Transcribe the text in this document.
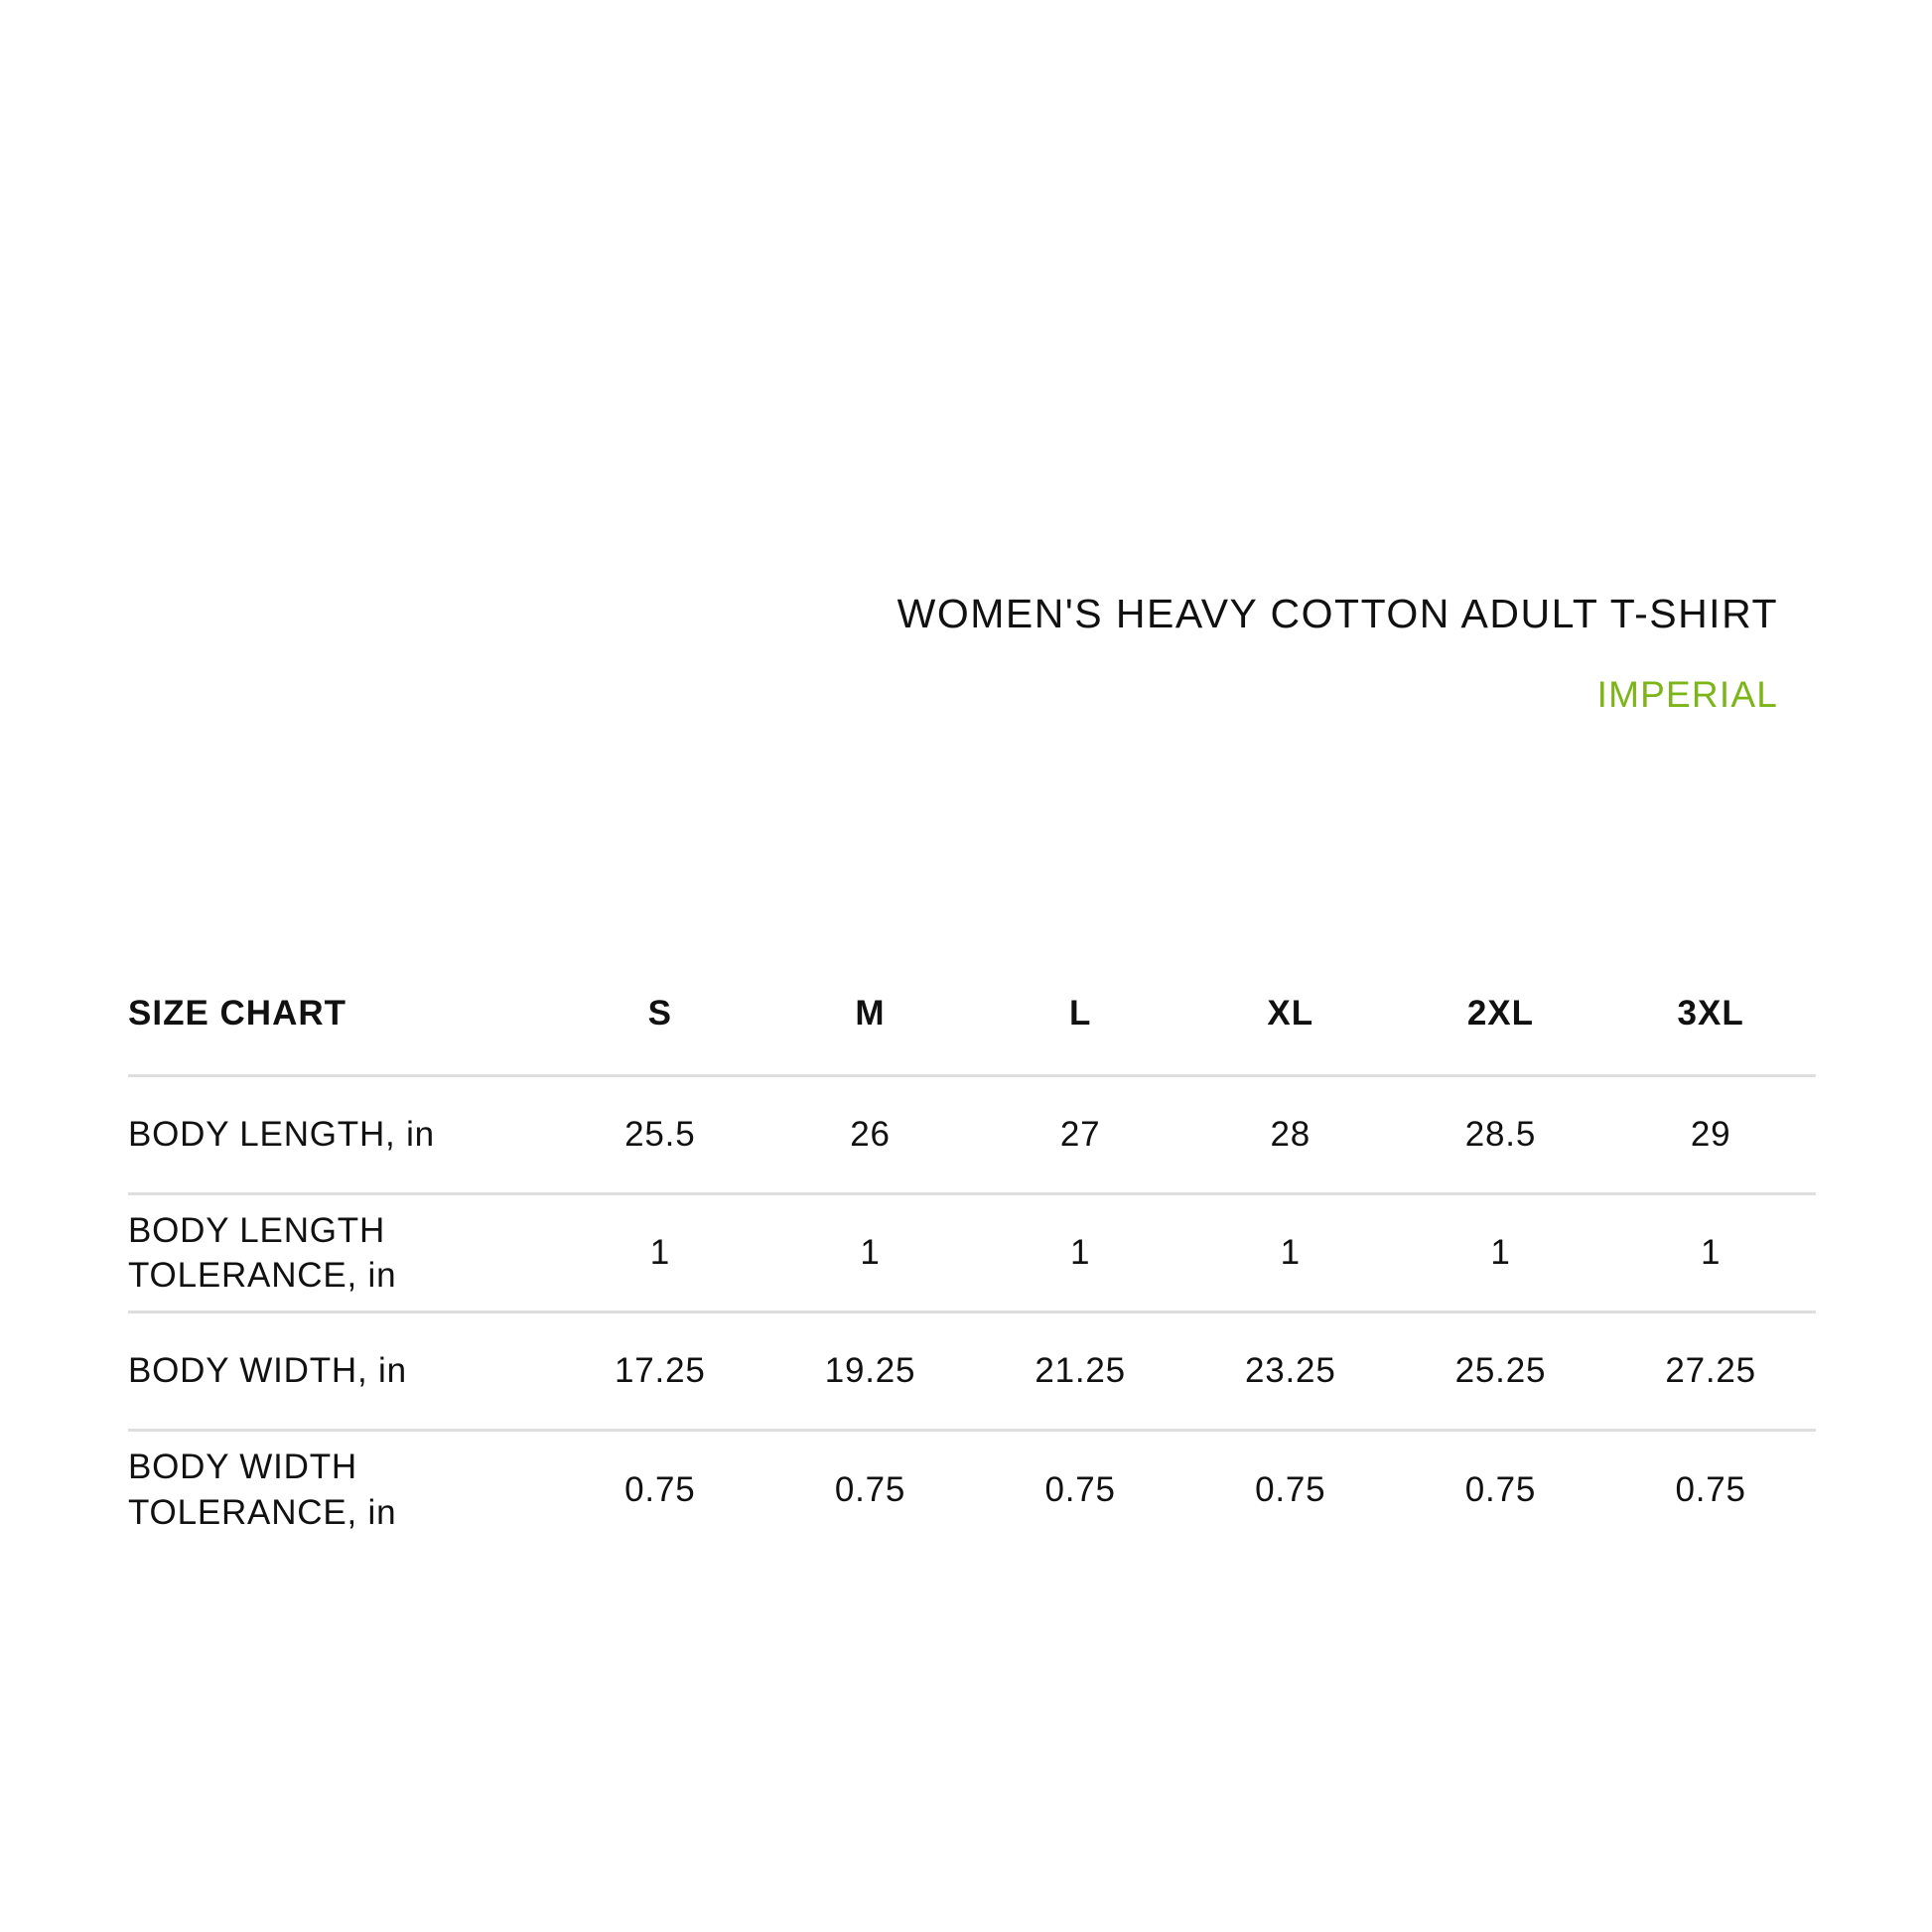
WOMEN'S HEAVY COTTON ADULT T-SHIRT
IMPERIAL
SIZE CHART	S	M	L	XL	2XL	3XL
BODY LENGTH, in	25.5	26	27	28	28.5	29
BODY LENGTH TOLERANCE, in	1	1	1	1	1	1
BODY WIDTH, in	17.25	19.25	21.25	23.25	25.25	27.25
BODY WIDTH TOLERANCE, in	0.75	0.75	0.75	0.75	0.75	0.75
